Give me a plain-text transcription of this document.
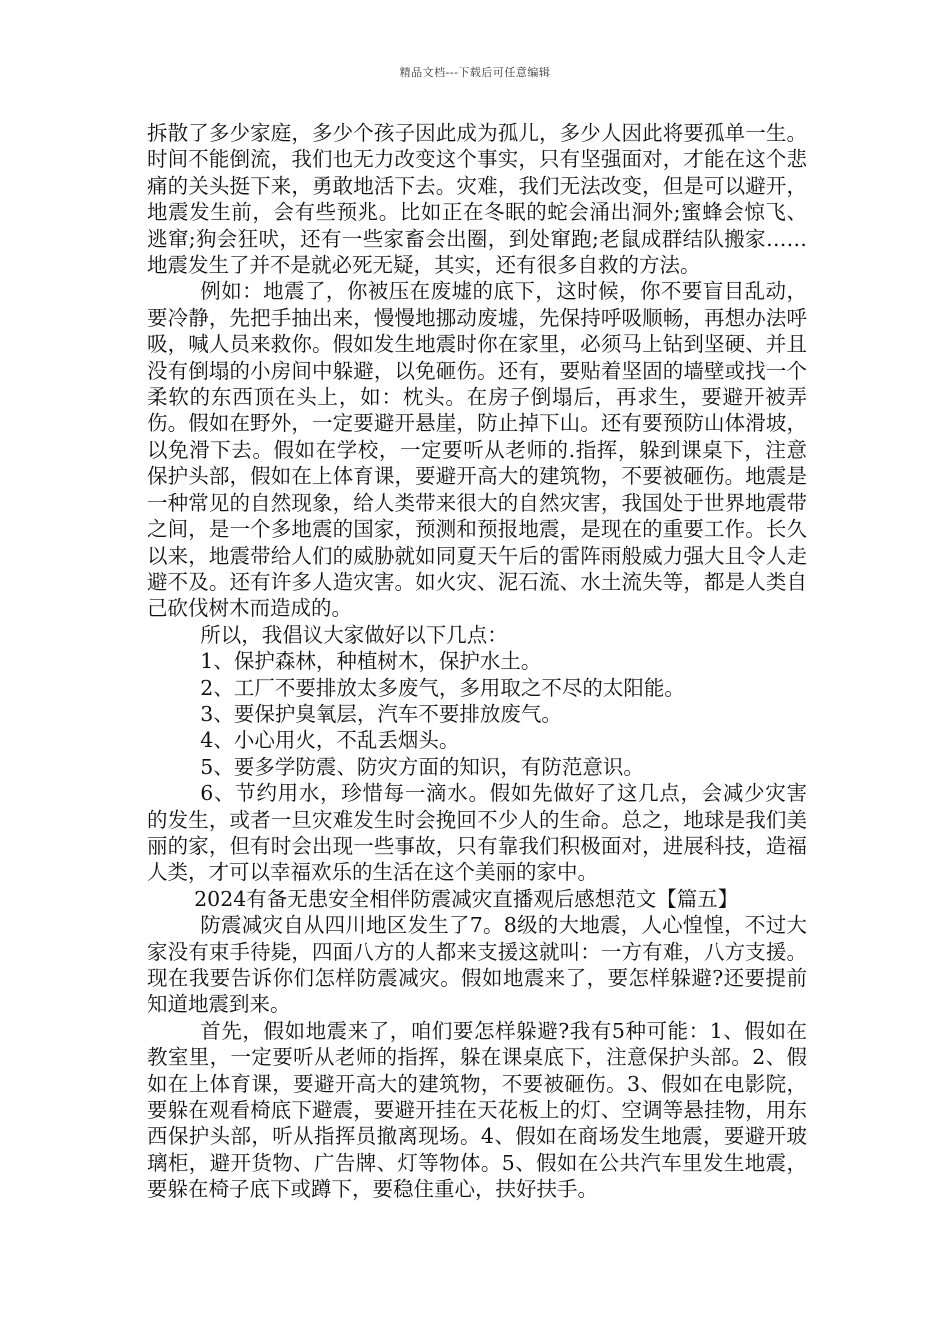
精品文档---下载后可任意编辑

拆散了多少家庭，多少个孩子因此成为孤儿，多少人因此将要孤单一生。时间不能倒流，我们也无力改变这个事实，只有坚强面对，才能在这个悲痛的关头挺下来，勇敢地活下去。灾难，我们无法改变，但是可以避开，地震发生前，会有些预兆。比如正在冬眠的蛇会涌出洞外;蜜蜂会惊飞、逃窜;狗会狂吠，还有一些家畜会出圈，到处窜跑;老鼠成群结队搬家……地震发生了并不是就必死无疑，其实，还有很多自救的方法。

例如：地震了，你被压在废墟的底下，这时候，你不要盲目乱动，要冷静，先把手抽出来，慢慢地挪动废墟，先保持呼吸顺畅，再想办法呼吸，喊人员来救你。假如发生地震时你在家里，必须马上钻到坚硬、并且没有倒塌的小房间中躲避，以免砸伤。还有，要贴着坚固的墙壁或找一个柔软的东西顶在头上，如：枕头。在房子倒塌后，再求生，要避开被弄伤。假如在野外，一定要避开悬崖，防止掉下山。还有要预防山体滑坡，以免滑下去。假如在学校，一定要听从老师的.指挥，躲到课桌下，注意保护头部，假如在上体育课，要避开高大的建筑物，不要被砸伤。地震是一种常见的自然现象，给人类带来很大的自然灾害，我国处于世界地震带之间，是一个多地震的国家，预测和预报地震，是现在的重要工作。长久以来，地震带给人们的威胁就如同夏天午后的雷阵雨般威力强大且令人走避不及。还有许多人造灾害。如火灾、泥石流、水土流失等，都是人类自己砍伐树木而造成的。

所以，我倡议大家做好以下几点：

1、保护森林，种植树木，保护水土。

2、工厂不要排放太多废气，多用取之不尽的太阳能。

3、要保护臭氧层，汽车不要排放废气。

4、小心用火，不乱丢烟头。

5、要多学防震、防灾方面的知识，有防范意识。

6、节约用水，珍惜每一滴水。假如先做好了这几点，会减少灾害的发生，或者一旦灾难发生时会挽回不少人的生命。总之，地球是我们美丽的家，但有时会出现一些事故，只有靠我们积极面对，进展科技，造福人类，才可以幸福欢乐的生活在这个美丽的家中。

2024有备无患安全相伴防震减灾直播观后感想范文【篇五】

防震减灾自从四川地区发生了7。8级的大地震，人心惶惶，不过大家没有束手待毙，四面八方的人都来支援这就叫：一方有难，八方支援。现在我要告诉你们怎样防震减灾。假如地震来了，要怎样躲避?还要提前知道地震到来。

首先，假如地震来了，咱们要怎样躲避?我有5种可能：1、假如在教室里，一定要听从老师的指挥，躲在课桌底下，注意保护头部。2、假如在上体育课，要避开高大的建筑物，不要被砸伤。3、假如在电影院，要躲在观看椅底下避震，要避开挂在天花板上的灯、空调等悬挂物，用东西保护头部，听从指挥员撤离现场。4、假如在商场发生地震，要避开玻璃柜，避开货物、广告牌、灯等物体。5、假如在公共汽车里发生地震，要躲在椅子底下或蹲下，要稳住重心，扶好扶手。
